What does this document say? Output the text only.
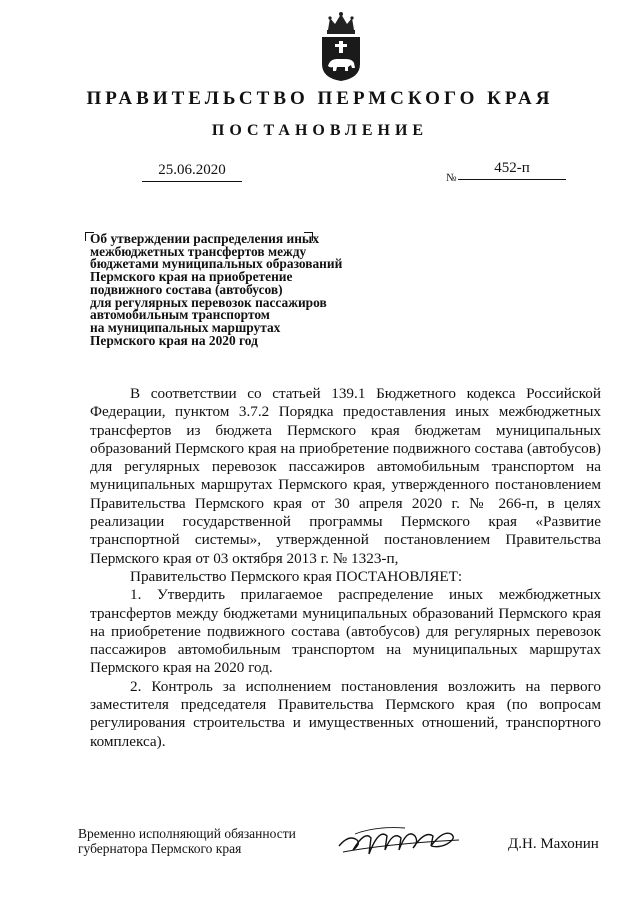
ПРАВИТЕЛЬСТВО ПЕРМСКОГО КРАЯ
ПОСТАНОВЛЕНИЕ
25.06.2020	№
452-п
Об утверждении распределения иных
межбюджетных трансфертов между
бюджетами муниципальных образований
Пермского края на приобретение
подвижного состава (автобусов)
для регулярных перевозок пассажиров
автомобильным транспортом
на муниципальных маршрутах
Пермского края на 2020 год

В соответствии со статьей 139.1 Бюджетного кодекса Российской Федерации, пунктом 3.7.2 Порядка предоставления иных межбюджетных трансфертов из бюджета Пермского края бюджетам муниципальных образований Пермского края на приобретение подвижного состава (автобусов) для регулярных перевозок пассажиров автомобильным транспортом на муниципальных маршрутах Пермского края, утвержденного постановлением Правительства Пермского края от 30 апреля 2020 г. № 266-п, в целях реализации государственной программы Пермского края «Развитие транспортной системы», утвержденной постановлением Правительства Пермского края от 03 октября 2013 г. № 1323-п,

Правительство Пермского края ПОСТАНОВЛЯЕТ:

1. Утвердить прилагаемое распределение иных межбюджетных трансфертов между бюджетами муниципальных образований Пермского края на приобретение подвижного состава (автобусов) для регулярных перевозок пассажиров автомобильным транспортом на муниципальных маршрутах Пермского края на 2020 год.

2. Контроль за исполнением постановления возложить на первого заместителя председателя Правительства Пермского края (по вопросам регулирования строительства и имущественных отношений, транспортного комплекса).

Временно исполняющий обязанности
губернатора Пермского края	Д.Н. Махонин
